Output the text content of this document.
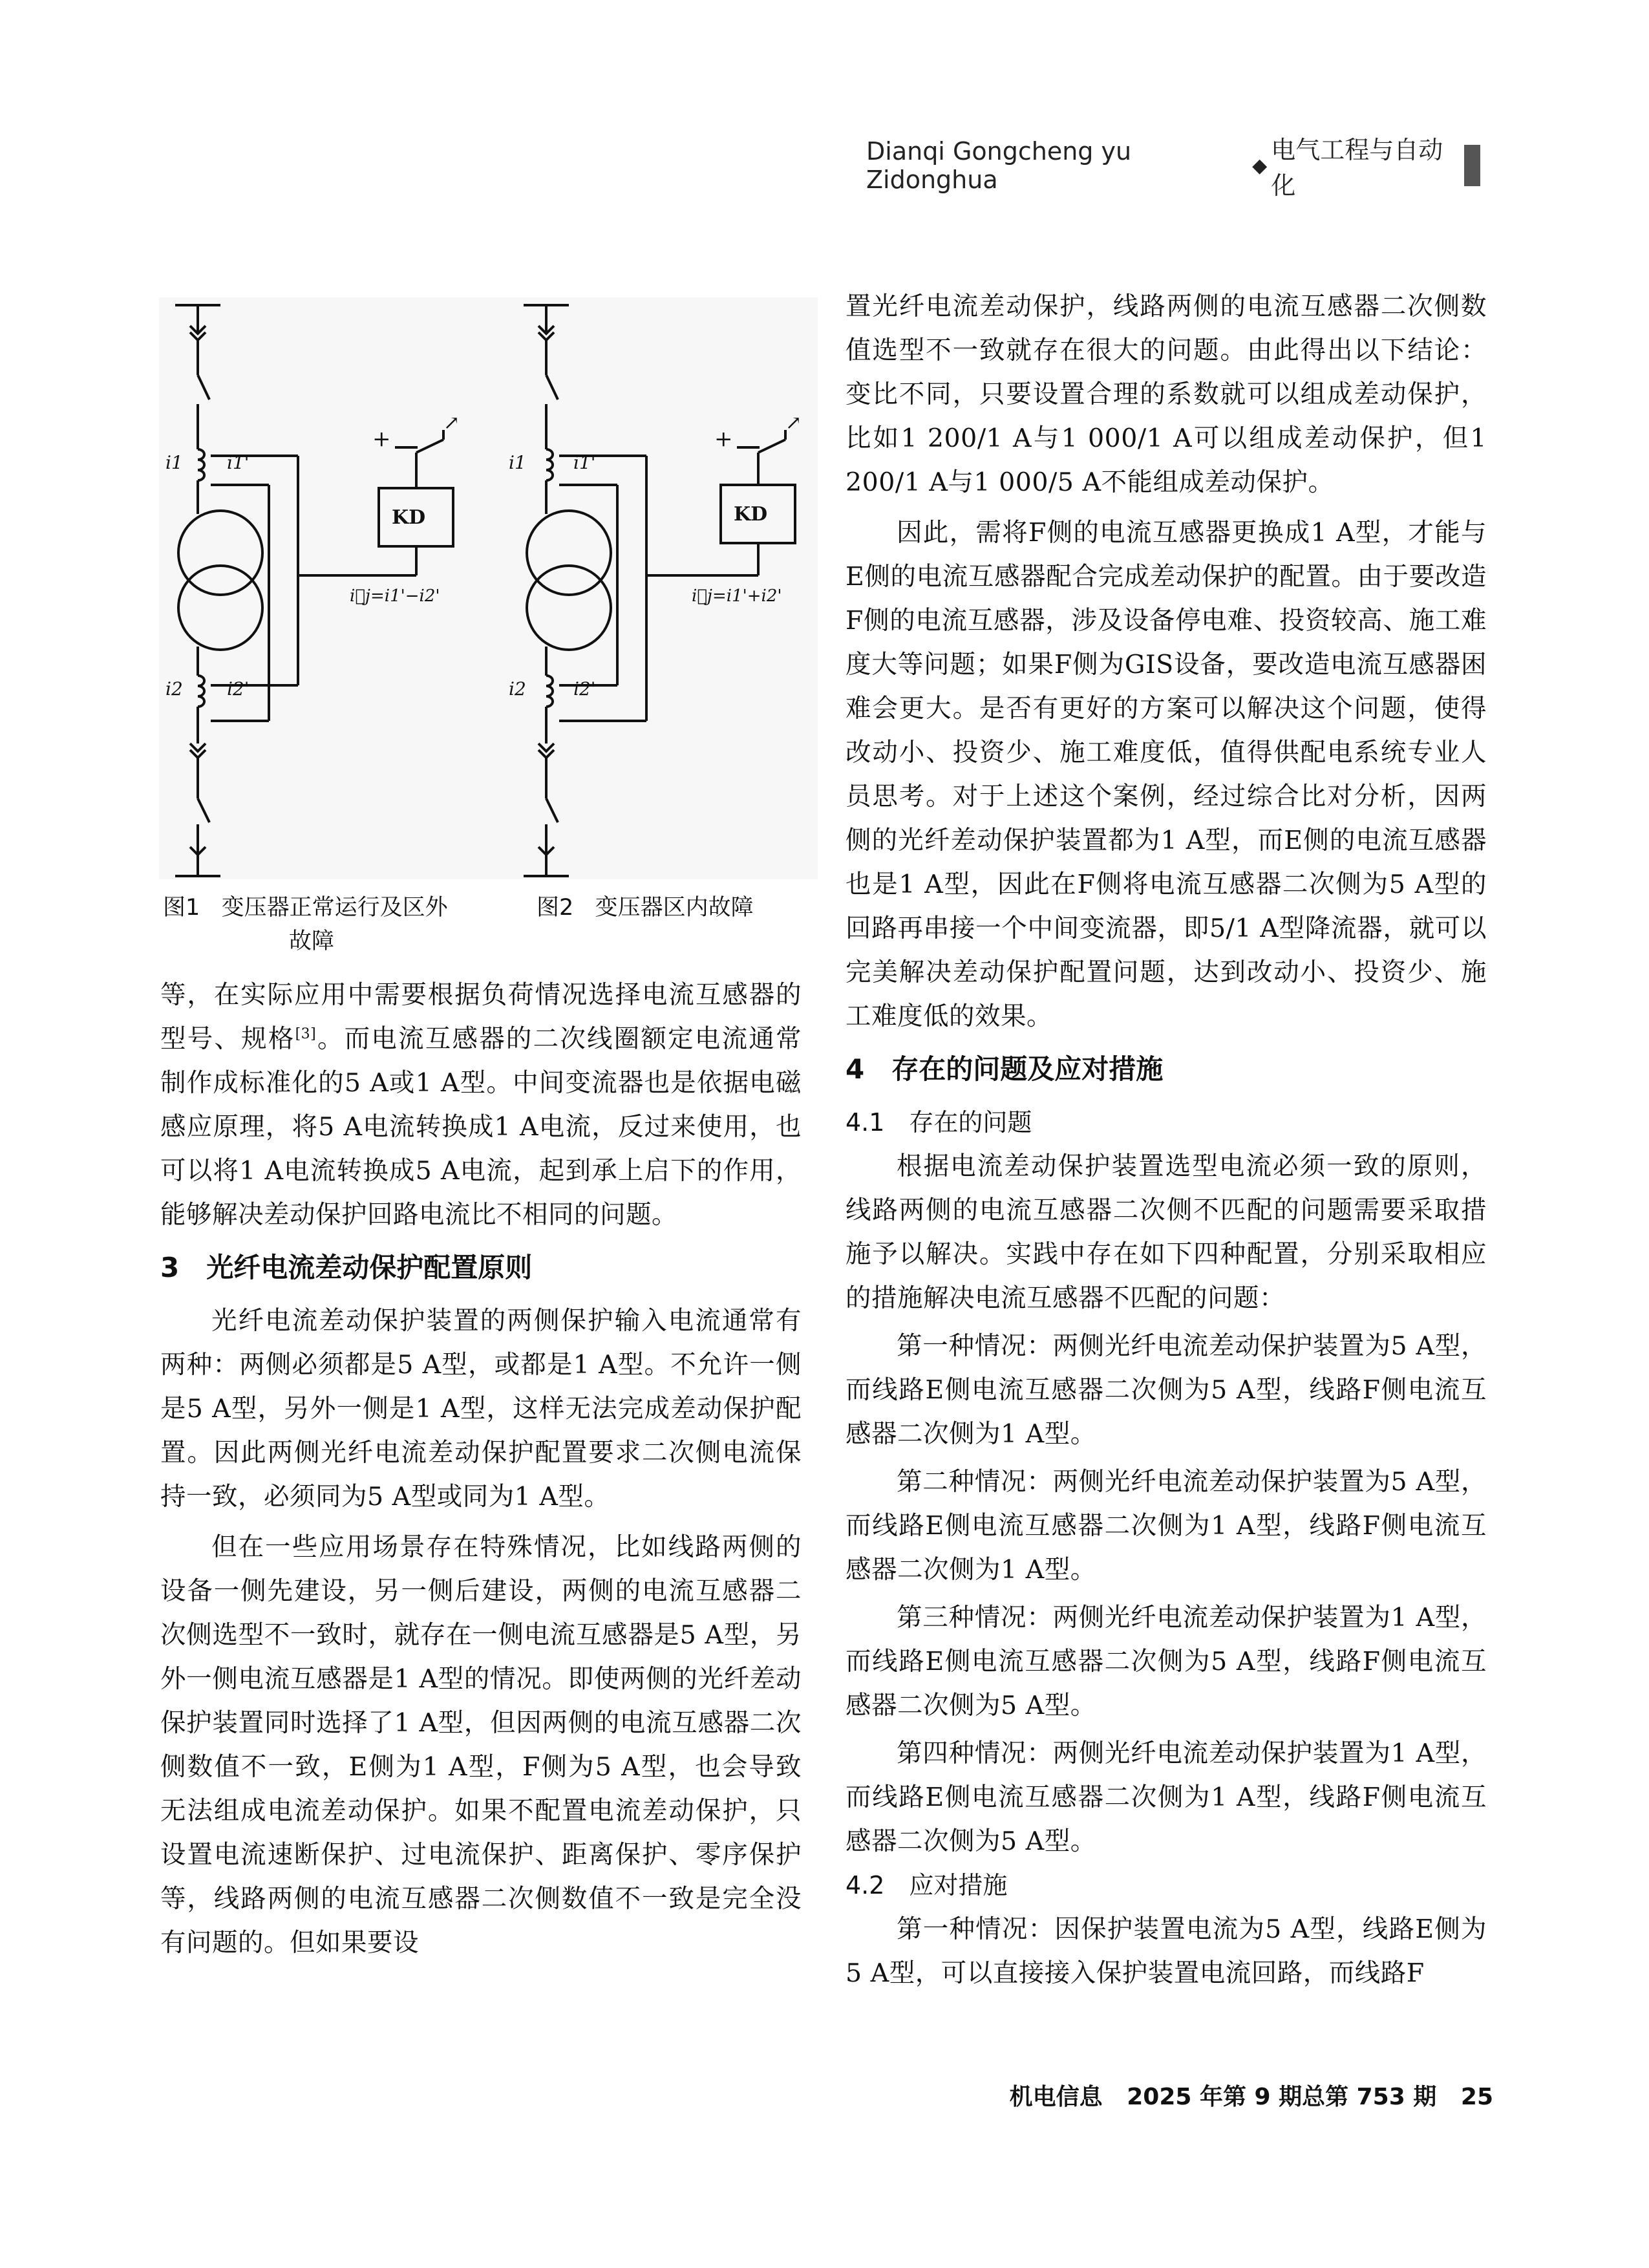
Dianqi Gongcheng yu Zidonghua	◆
电气工程与自动化
+
↗
KD
i⃗j=i1'−i2'
i1 i1'
i2 i2'
+
↗
KD
i⃗j=i1'+i2'
i1	i1'
i2	i2'
图1 变压器正常运行及区外
故障
图2 变压器区内故障

等，在实际应用中需要根据负荷情况选择电流互感器的型号、规格[3]。而电流互感器的二次线圈额定电流通常制作成标准化的5 A或1 A型。中间变流器也是依据电磁感应原理，将5 A电流转换成1 A电流，反过来使用，也可以将1 A电流转换成5 A电流，起到承上启下的作用，能够解决差动保护回路电流比不相同的问题。

3　光纤电流差动保护配置原则

光纤电流差动保护装置的两侧保护输入电流通常有两种：两侧必须都是5 A型，或都是1 A型。不允许一侧是5 A型，另外一侧是1 A型，这样无法完成差动保护配置。因此两侧光纤电流差动保护配置要求二次侧电流保持一致，必须同为5 A型或同为1 A型。

但在一些应用场景存在特殊情况，比如线路两侧的设备一侧先建设，另一侧后建设，两侧的电流互感器二次侧选型不一致时，就存在一侧电流互感器是5 A型，另外一侧电流互感器是1 A型的情况。即使两侧的光纤差动保护装置同时选择了1 A型，但因两侧的电流互感器二次侧数值不一致，E侧为1 A型，F侧为5 A型，也会导致无法组成电流差动保护。如果不配置电流差动保护，只设置电流速断保护、过电流保护、距离保护、零序保护等，线路两侧的电流互感器二次侧数值不一致是完全没有问题的。但如果要设

置光纤电流差动保护，线路两侧的电流互感器二次侧数值选型不一致就存在很大的问题。由此得出以下结论：变比不同，只要设置合理的系数就可以组成差动保护，比如1 200/1 A与1 000/1 A可以组成差动保护，但1 200/1 A与1 000/5 A不能组成差动保护。

因此，需将F侧的电流互感器更换成1 A型，才能与E侧的电流互感器配合完成差动保护的配置。由于要改造F侧的电流互感器，涉及设备停电难、投资较高、施工难度大等问题；如果F侧为GIS设备，要改造电流互感器困难会更大。是否有更好的方案可以解决这个问题，使得改动小、投资少、施工难度低，值得供配电系统专业人员思考。对于上述这个案例，经过综合比对分析，因两侧的光纤差动保护装置都为1 A型，而E侧的电流互感器也是1 A型，因此在F侧将电流互感器二次侧为5 A型的回路再串接一个中间变流器，即5/1 A型降流器，就可以完美解决差动保护配置问题，达到改动小、投资少、施工难度低的效果。

4　存在的问题及应对措施
4.1　存在的问题

根据电流差动保护装置选型电流必须一致的原则，线路两侧的电流互感器二次侧不匹配的问题需要采取措施予以解决。实践中存在如下四种配置，分别采取相应的措施解决电流互感器不匹配的问题：

第一种情况：两侧光纤电流差动保护装置为5 A型，而线路E侧电流互感器二次侧为5 A型，线路F侧电流互感器二次侧为1 A型。

第二种情况：两侧光纤电流差动保护装置为5 A型，而线路E侧电流互感器二次侧为1 A型，线路F侧电流互感器二次侧为1 A型。

第三种情况：两侧光纤电流差动保护装置为1 A型，而线路E侧电流互感器二次侧为5 A型，线路F侧电流互感器二次侧为5 A型。

第四种情况：两侧光纤电流差动保护装置为1 A型，而线路E侧电流互感器二次侧为1 A型，线路F侧电流互感器二次侧为5 A型。

4.2　应对措施

第一种情况：因保护装置电流为5 A型，线路E侧为5 A型，可以直接接入保护装置电流回路，而线路F

机电信息 2025 年第 9 期总第 753 期 25
